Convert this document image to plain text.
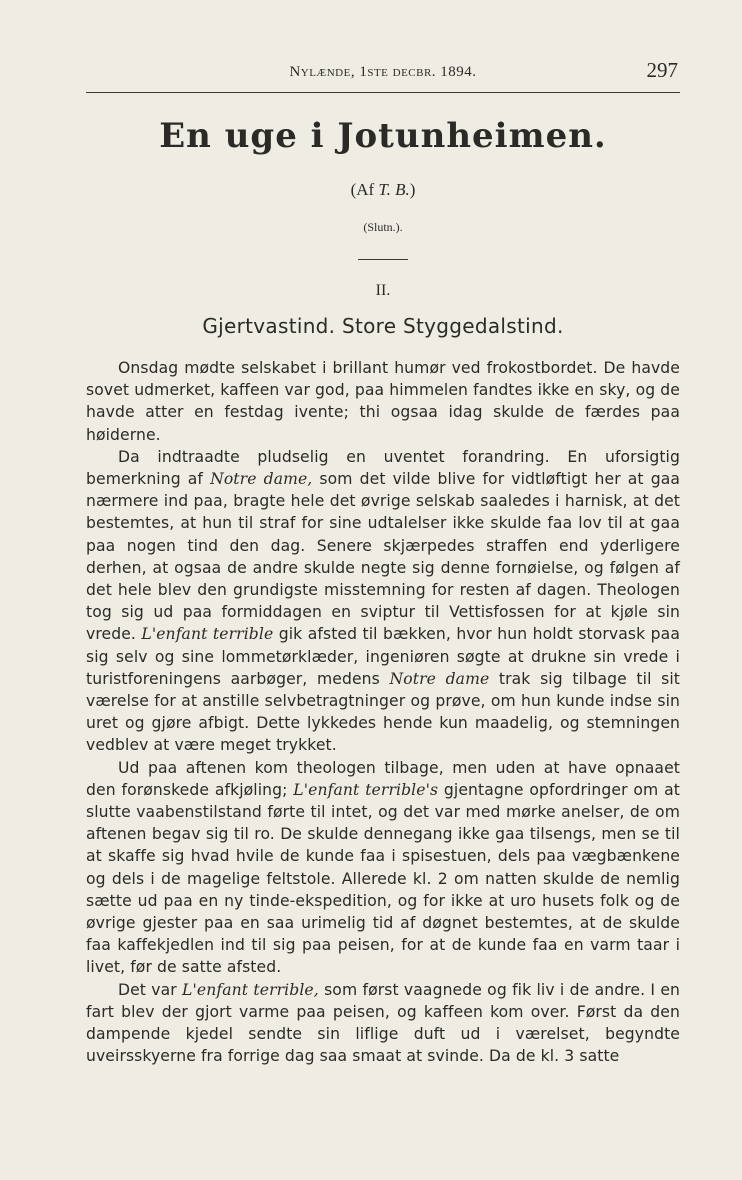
Nylænde, 1ste decbr. 1894.	297
En uge i Jotunheimen.
(Af T. B.)
(Slutn.).
II.
Gjertvastind. Store Styggedalstind.

Onsdag mødte selskabet i brillant humør ved frokostbordet. De havde sovet udmerket, kaffeen var god, paa himmelen fandtes ikke en sky, og de havde atter en festdag ivente; thi ogsaa idag skulde de færdes paa høiderne.

Da indtraadte pludselig en uventet forandring. En uforsigtig bemerkning af Notre dame, som det vilde blive for vidtløftigt her at gaa nærmere ind paa, bragte hele det øvrige selskab saaledes i harnisk, at det bestemtes, at hun til straf for sine udtalelser ikke skulde faa lov til at gaa paa nogen tind den dag. Senere skjærpedes straffen end yderligere derhen, at ogsaa de andre skulde negte sig denne fornøielse, og følgen af det hele blev den grundigste misstemning for resten af dagen. Theologen tog sig ud paa formiddagen en sviptur til Vettisfossen for at kjøle sin vrede. L'enfant terrible gik afsted til bækken, hvor hun holdt storvask paa sig selv og sine lommetørklæder, ingeniøren søgte at drukne sin vrede i turistforeningens aarbøger, medens Notre dame trak sig tilbage til sit værelse for at anstille selvbetragtninger og prøve, om hun kunde indse sin uret og gjøre afbigt. Dette lykkedes hende kun maadelig, og stemningen vedblev at være meget trykket.

Ud paa aftenen kom theologen tilbage, men uden at have opnaaet den forønskede afkjøling; L'enfant terrible's gjentagne opfordringer om at slutte vaabenstilstand førte til intet, og det var med mørke anelser, de om aftenen begav sig til ro. De skulde dennegang ikke gaa tilsengs, men se til at skaffe sig hvad hvile de kunde faa i spisestuen, dels paa vægbænkene og dels i de magelige feltstole. Allerede kl. 2 om natten skulde de nemlig sætte ud paa en ny tinde-ekspedition, og for ikke at uro husets folk og de øvrige gjester paa en saa urimelig tid af døgnet bestemtes, at de skulde faa kaffekjedlen ind til sig paa peisen, for at de kunde faa en varm taar i livet, før de satte afsted.

Det var L'enfant terrible, som først vaagnede og fik liv i de andre. I en fart blev der gjort varme paa peisen, og kaffeen kom over. Først da den dampende kjedel sendte sin liflige duft ud i værelset, begyndte uveirsskyerne fra forrige dag saa smaat at svinde. Da de kl. 3 satte
